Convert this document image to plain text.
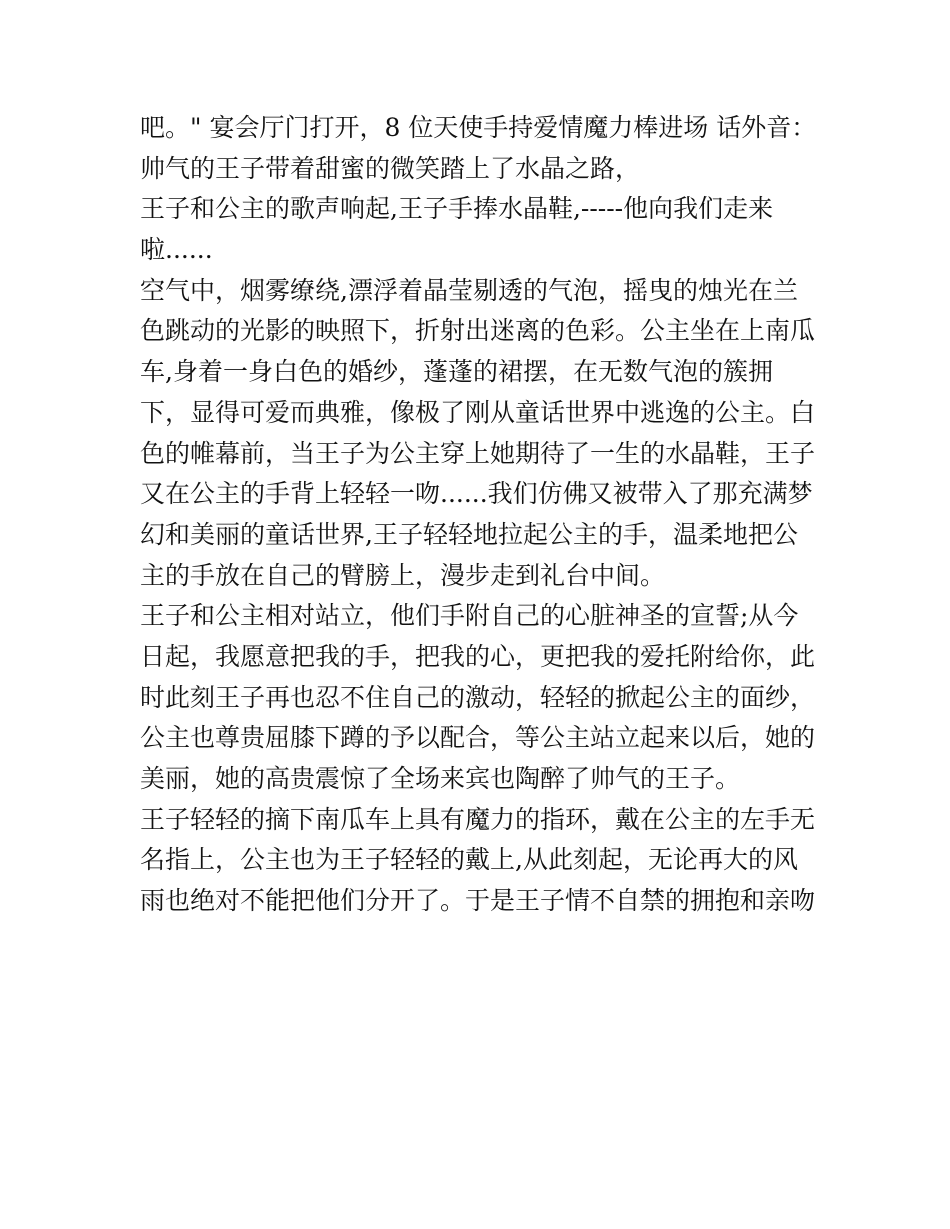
吧。" 宴会厅门打开，8 位天使手持爱情魔力棒进场 话外音：
帅气的王子带着甜蜜的微笑踏上了水晶之路，
王子和公主的歌声响起,王子手捧水晶鞋,-----他向我们走来
啦......
空气中，烟雾缭绕,漂浮着晶莹剔透的气泡，摇曳的烛光在兰
色跳动的光影的映照下，折射出迷离的色彩。公主坐在上南瓜
车,身着一身白色的婚纱，蓬蓬的裙摆，在无数气泡的簇拥
下，显得可爱而典雅，像极了刚从童话世界中逃逸的公主。白
色的帷幕前，当王子为公主穿上她期待了一生的水晶鞋，王子
又在公主的手背上轻轻一吻......我们仿佛又被带入了那充满梦
幻和美丽的童话世界,王子轻轻地拉起公主的手，温柔地把公
主的手放在自己的臂膀上，漫步走到礼台中间。
王子和公主相对站立，他们手附自己的心脏神圣的宣誓;从今
日起，我愿意把我的手，把我的心，更把我的爱托附给你，此
时此刻王子再也忍不住自己的激动，轻轻的掀起公主的面纱，
公主也尊贵屈膝下蹲的予以配合，等公主站立起来以后，她的
美丽，她的高贵震惊了全场来宾也陶醉了帅气的王子。
王子轻轻的摘下南瓜车上具有魔力的指环，戴在公主的左手无
名指上，公主也为王子轻轻的戴上,从此刻起，无论再大的风
雨也绝对不能把他们分开了。于是王子情不自禁的拥抱和亲吻
